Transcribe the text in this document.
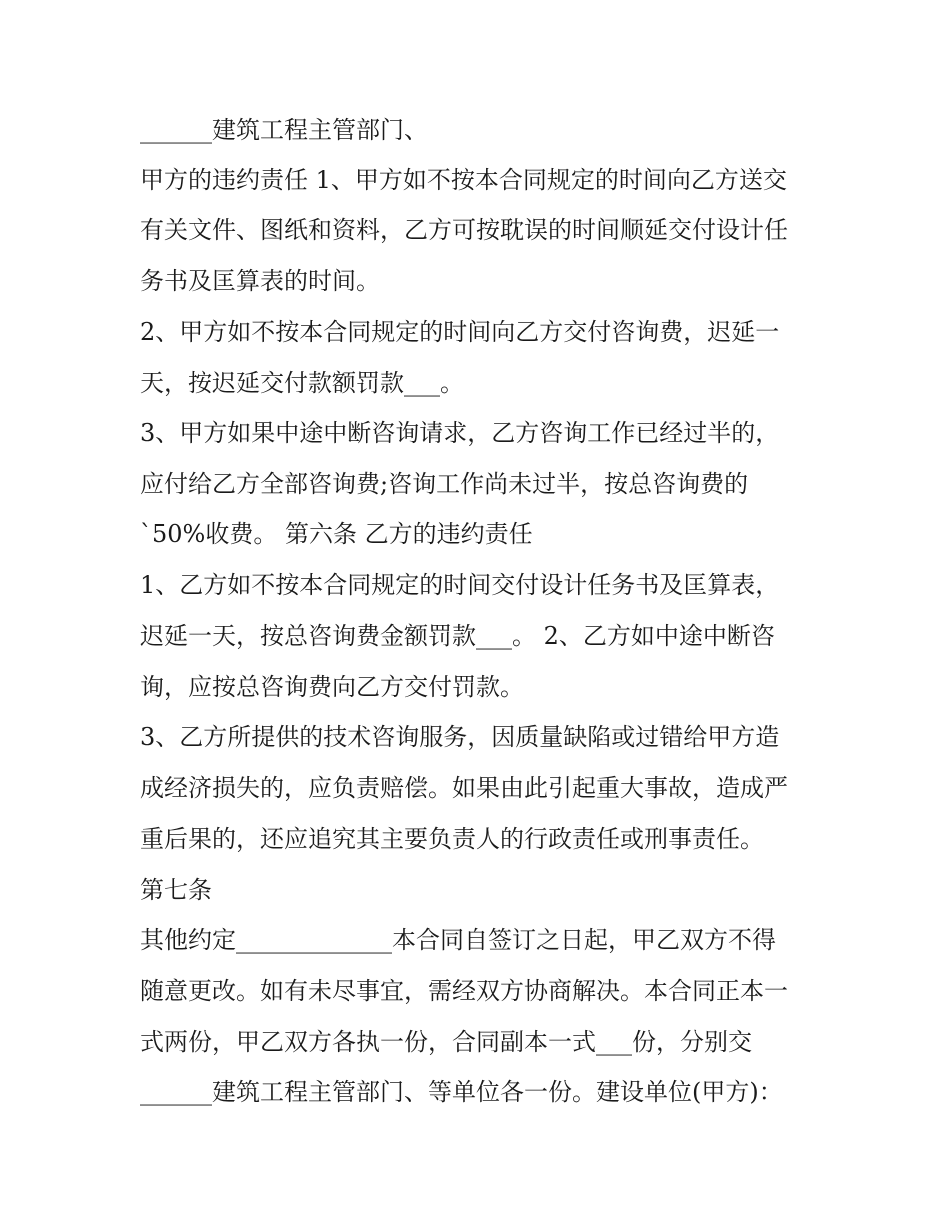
______建筑工程主管部门、
甲方的违约责任 1、甲方如不按本合同规定的时间向乙方送交
有关文件、图纸和资料，乙方可按耽误的时间顺延交付设计任
务书及匡算表的时间。
2、甲方如不按本合同规定的时间向乙方交付咨询费，迟延一
天，按迟延交付款额罚款___。
3、甲方如果中途中断咨询请求，乙方咨询工作已经过半的，
应付给乙方全部咨询费;咨询工作尚未过半，按总咨询费的
`50%收费。 第六条 乙方的违约责任
1、乙方如不按本合同规定的时间交付设计任务书及匡算表，
迟延一天，按总咨询费金额罚款___。 2、乙方如中途中断咨
询，应按总咨询费向乙方交付罚款。
3、乙方所提供的技术咨询服务，因质量缺陷或过错给甲方造
成经济损失的，应负责赔偿。如果由此引起重大事故，造成严
重后果的，还应追究其主要负责人的行政责任或刑事责任。
第七条
其他约定_____________本合同自签订之日起，甲乙双方不得
随意更改。如有未尽事宜，需经双方协商解决。本合同正本一
式两份，甲乙双方各执一份，合同副本一式___份，分别交
______建筑工程主管部门、等单位各一份。建设单位(甲方)：
